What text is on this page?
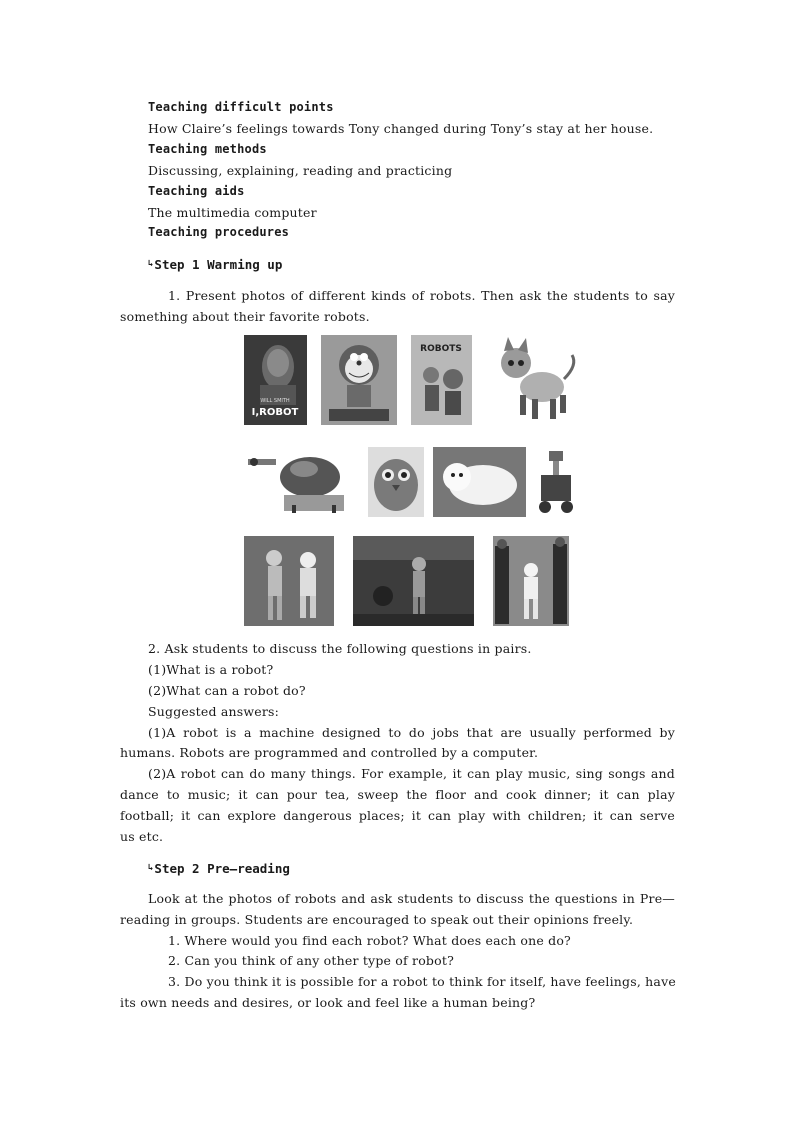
Teaching difficult points
How Claire’s feelings towards Tony changed during Tony’s stay at her house.
Teaching methods
Discussing, explaining, reading and practicing
Teaching aids
The multimedia computer
Teaching procedures
↳Step 1 Warming up
1. Present photos of different kinds of robots. Then ask the students to say
something about their favorite robots.
WILL SMITH
I,ROBOT
ROBOTS
2. Ask students to discuss the following questions in pairs.
(1)What is a robot?
(2)What can a robot do?
Suggested answers:
(1)A robot is a machine designed to do jobs that are usually performed by
humans. Robots are programmed and controlled by a computer.
(2)A robot can do many things. For example, it can play music, sing songs and
dance to music; it can pour tea, sweep the floor and cook dinner; it can play
football; it can explore dangerous places; it can play with children; it can serve
us etc.
↳Step 2 Pre—reading
Look at the photos of robots and ask students to discuss the questions in Pre—
reading in groups. Students are encouraged to speak out their opinions freely.
1. Where would you find each robot? What does each one do?
2. Can you think of any other type of robot?
3. Do you think it is possible for a robot to think for itself, have feelings, have
its own needs and desires, or look and feel like a human being?
